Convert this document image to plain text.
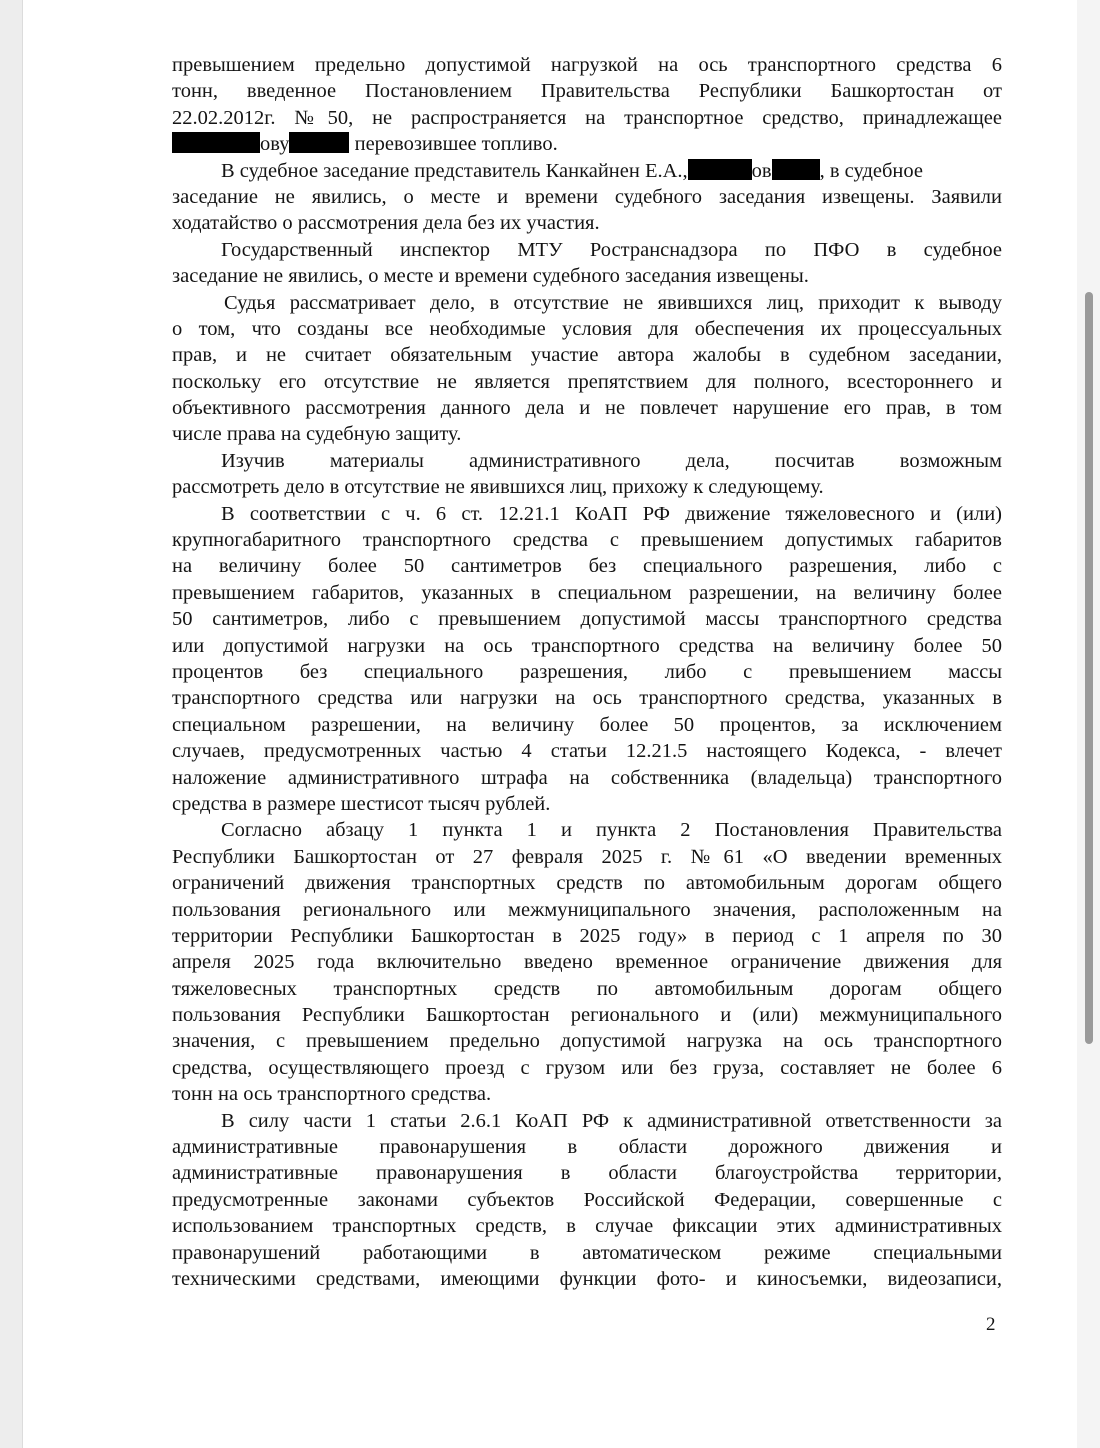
превышением предельно допустимой нагрузкой на ось транспортного средства 6
тонн, введенное Постановлением Правительства Республики Башкортостан от
22.02.2012г. №50, не распространяется на транспортное средство, принадлежащее
ову	перевозившее топливо.
В судебное заседание представитель Канкайнен Е.А.,	ов , в судебное
заседание не явились, о месте и времени судебного заседания извещены. Заявили
ходатайство о рассмотрения дела без их участия.
Государственный инспектор МТУ Ространснадзора по ПФО в судебное
заседание не явились, о месте и времени судебного заседания извещены.
Судья рассматривает дело, в отсутствие не явившихся лиц, приходит к выводу
о том, что созданы все необходимые условия для обеспечения их процессуальных
прав, и не считает обязательным участие автора жалобы в судебном заседании,
поскольку его отсутствие не является препятствием для полного, всестороннего и
объективного рассмотрения данного дела и не повлечет нарушение его прав, в том
числе права на судебную защиту.
Изучив материалы административного дела, посчитав возможным
рассмотреть дело в отсутствие не явившихся лиц, прихожу к следующему.
В соответствии с ч. 6 ст. 12.21.1 КоАП РФ движение тяжеловесного и (или)
крупногабаритного транспортного средства с превышением допустимых габаритов
на величину более 50 сантиметров без специального разрешения, либо с
превышением габаритов, указанных в специальном разрешении, на величину более
50 сантиметров, либо с превышением допустимой массы транспортного средства
или допустимой нагрузки на ось транспортного средства на величину более 50
процентов без специального разрешения, либо с превышением массы
транспортного средства или нагрузки на ось транспортного средства, указанных в
специальном разрешении, на величину более 50 процентов, за исключением
случаев, предусмотренных частью 4 статьи 12.21.5 настоящего Кодекса, - влечет
наложение административного штрафа на собственника (владельца) транспортного
средства в размере шестисот тысяч рублей.
Согласно абзацу 1 пункта 1 и пункта 2 Постановления Правительства
Республики Башкортостан от 27 февраля 2025 г. №61 «О введении временных
ограничений движения транспортных средств по автомобильным дорогам общего
пользования регионального или межмуниципального значения, расположенным на
территории Республики Башкортостан в 2025 году» в период с 1 апреля по 30
апреля 2025 года включительно введено временное ограничение движения для
тяжеловесных транспортных средств по автомобильным дорогам общего
пользования Республики Башкортостан регионального и (или) межмуниципального
значения, с превышением предельно допустимой нагрузка на ось транспортного
средства, осуществляющего проезд с грузом или без груза, составляет не более 6
тонн на ось транспортного средства.
В силу части 1 статьи 2.6.1 КоАП РФ к административной ответственности за
административные правонарушения в области дорожного движения и
административные правонарушения в области благоустройства территории,
предусмотренные законами субъектов Российской Федерации, совершенные с
использованием транспортных средств, в случае фиксации этих административных
правонарушений работающими в автоматическом режиме специальными
техническими средствами, имеющими функции фото- и киносъемки, видеозаписи,
2
